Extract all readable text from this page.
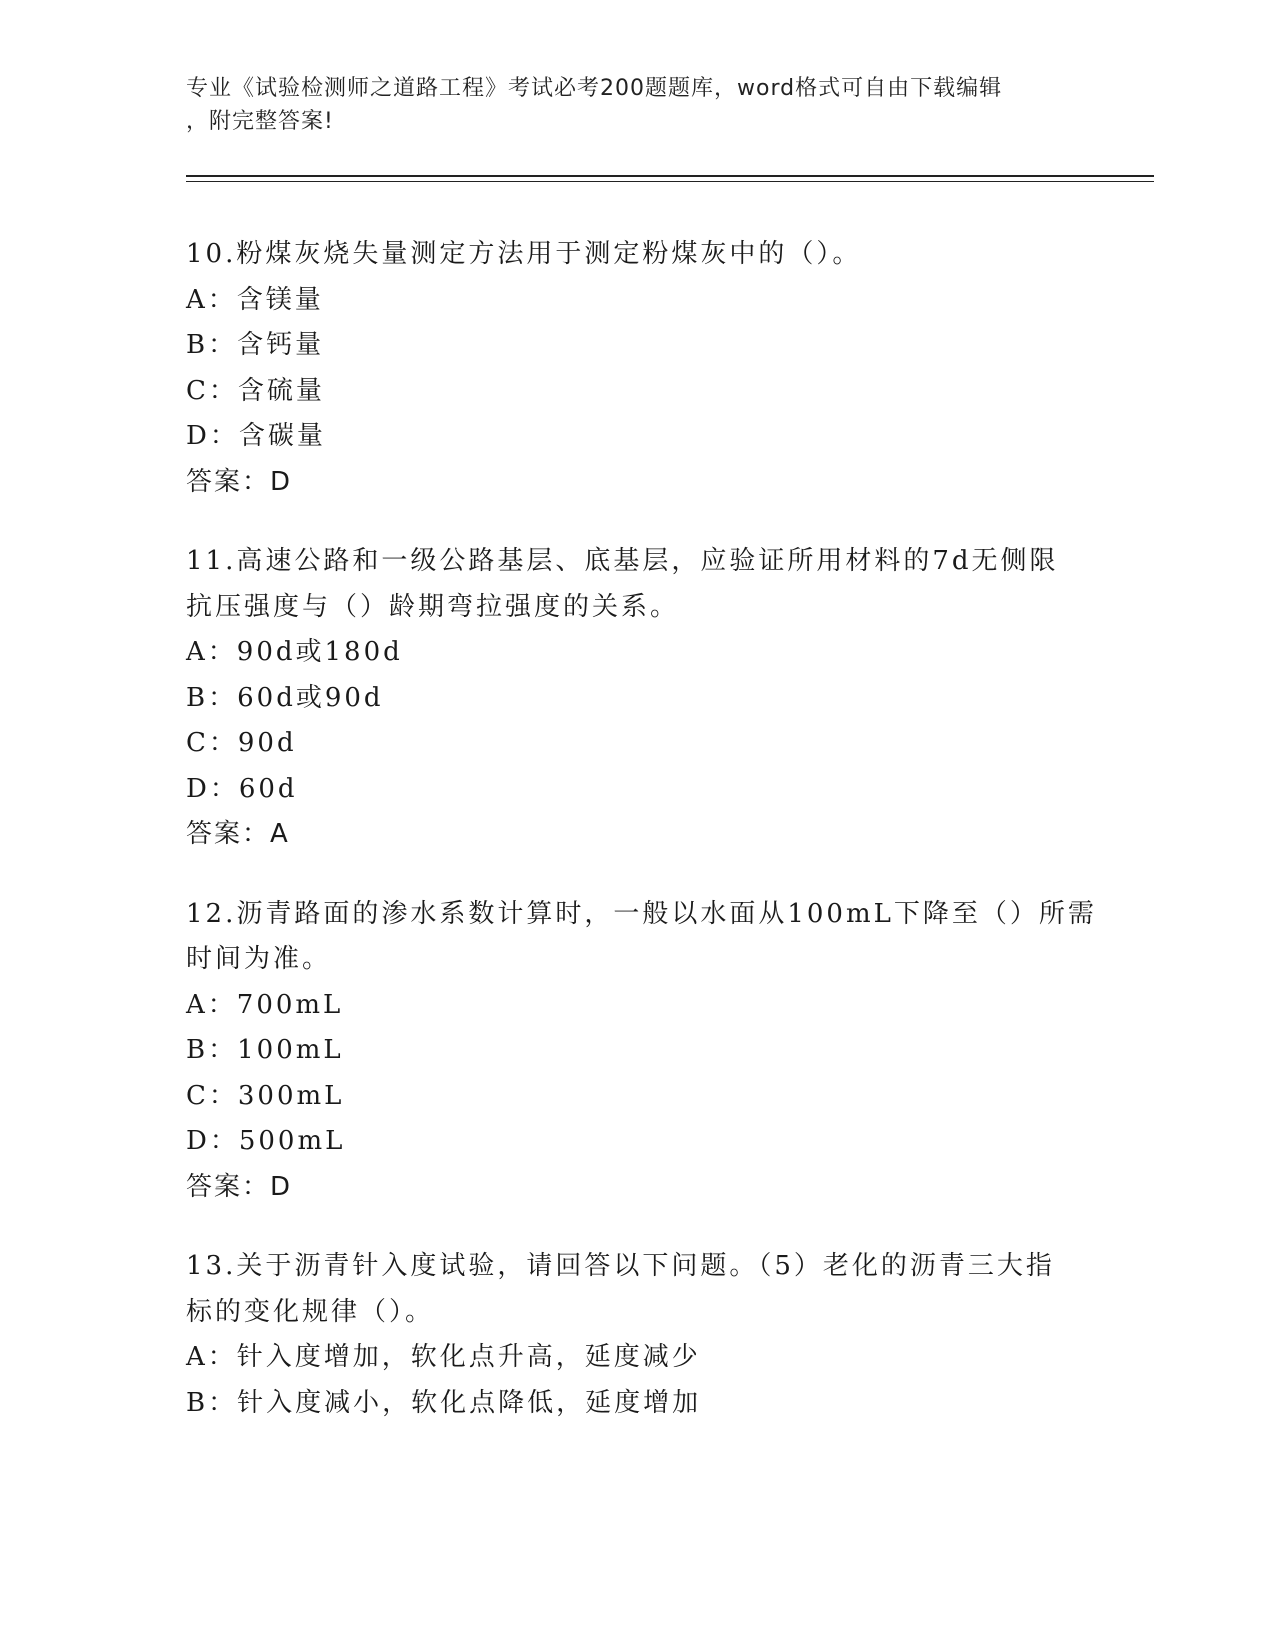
专业《试验检测师之道路工程》考试必考200题题库，word格式可自由下载编辑
，附完整答案!
10.粉煤灰烧失量测定方法用于测定粉煤灰中的（）。
A：含镁量
B：含钙量
C：含硫量
D：含碳量
答案：D
11.高速公路和一级公路基层、底基层，应验证所用材料的7d无侧限
抗压强度与（）龄期弯拉强度的关系。
A：90d或180d
B：60d或90d
C：90d
D：60d
答案：A
12.沥青路面的渗水系数计算时，一般以水面从100mL下降至（）所需
时间为准。
A：700mL
B：100mL
C：300mL
D：500mL
答案：D
13.关于沥青针入度试验，请回答以下问题。（5）老化的沥青三大指
标的变化规律（）。
A：针入度增加，软化点升高，延度减少
B：针入度减小，软化点降低，延度增加
